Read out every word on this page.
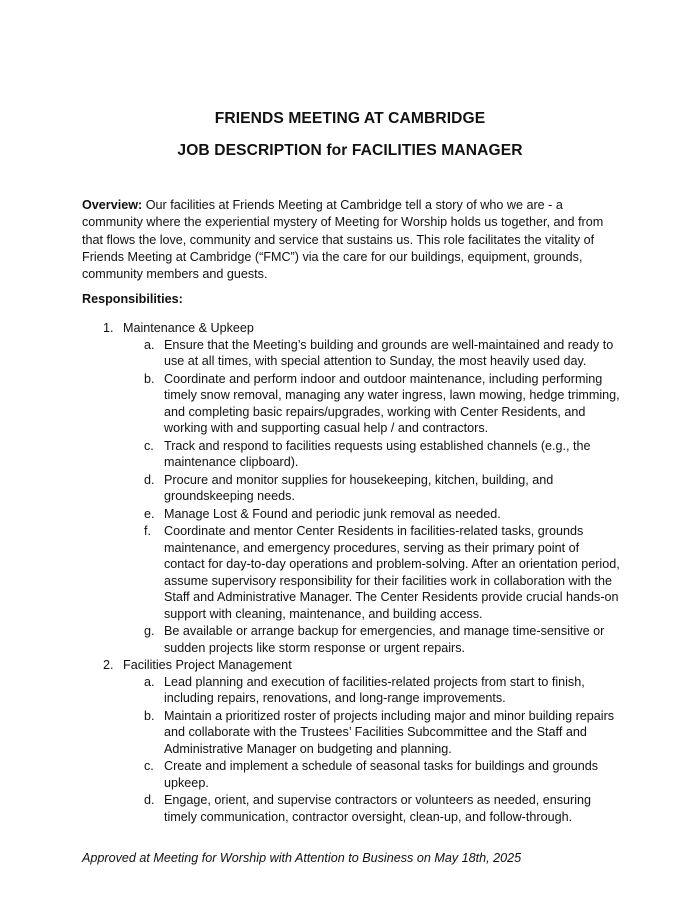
FRIENDS MEETING AT CAMBRIDGE
JOB DESCRIPTION for FACILITIES MANAGER

Overview: Our facilities at Friends Meeting at Cambridge tell a story of who we are - a community where the experiential mystery of Meeting for Worship holds us together, and from that flows the love, community and service that sustains us. This role facilitates the vitality of Friends Meeting at Cambridge (“FMC”) via the care for our buildings, equipment, grounds, community members and guests.

Responsibilities:

1. Maintenance & Upkeep
a. Ensure that the Meeting’s building and grounds are well-maintained and ready to use at all times, with special attention to Sunday, the most heavily used day.
b. Coordinate and perform indoor and outdoor maintenance, including performing timely snow removal, managing any water ingress, lawn mowing, hedge trimming, and completing basic repairs/upgrades, working with Center Residents, and working with and supporting casual help / and contractors.
c. Track and respond to facilities requests using established channels (e.g., the maintenance clipboard).
d. Procure and monitor supplies for housekeeping, kitchen, building, and groundskeeping needs.
e. Manage Lost & Found and periodic junk removal as needed.
f. Coordinate and mentor Center Residents in facilities-related tasks, grounds maintenance, and emergency procedures, serving as their primary point of contact for day-to-day operations and problem-solving. After an orientation period, assume supervisory responsibility for their facilities work in collaboration with the Staff and Administrative Manager. The Center Residents provide crucial hands-on support with cleaning, maintenance, and building access.
g. Be available or arrange backup for emergencies, and manage time-sensitive or sudden projects like storm response or urgent repairs.
2. Facilities Project Management
a. Lead planning and execution of facilities-related projects from start to finish, including repairs, renovations, and long-range improvements.
b. Maintain a prioritized roster of projects including major and minor building repairs and collaborate with the Trustees’ Facilities Subcommittee and the Staff and Administrative Manager on budgeting and planning.
c. Create and implement a schedule of seasonal tasks for buildings and grounds upkeep.
d. Engage, orient, and supervise contractors or volunteers as needed, ensuring timely communication, contractor oversight, clean-up, and follow-through.

Approved at Meeting for Worship with Attention to Business on May 18th, 2025
